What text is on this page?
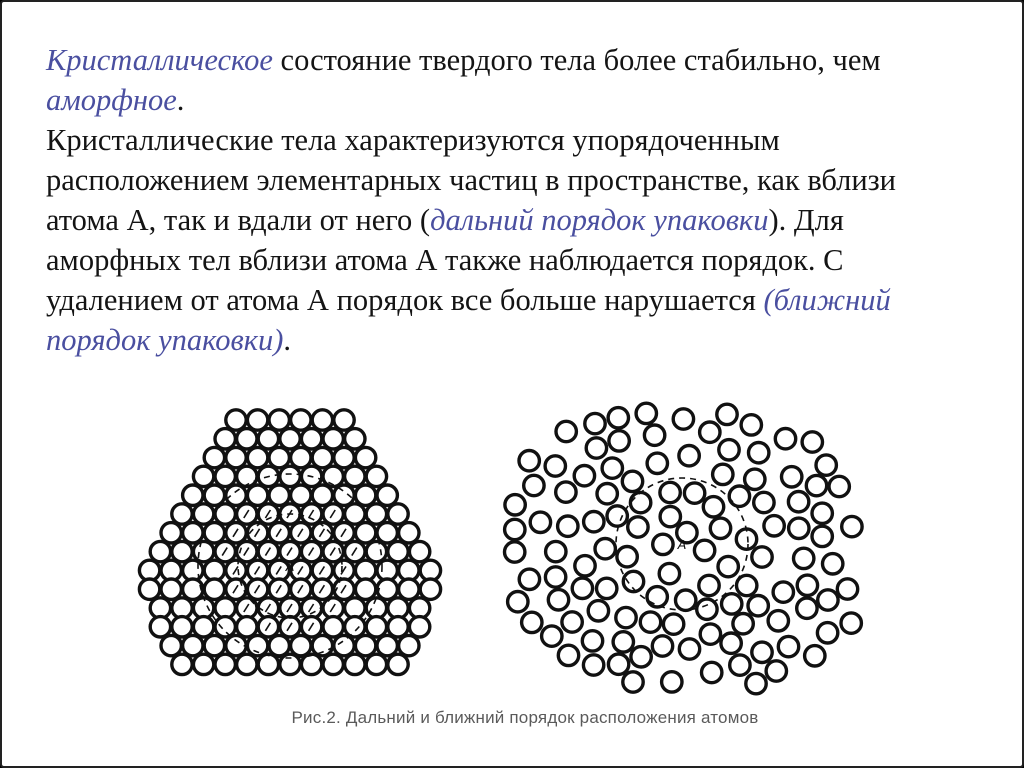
Кристаллическое состояние твердого тела более стабильно, чем аморфное.

Кристаллические тела характеризуются упорядоченным расположением элементарных частиц в пространстве, как вблизи атома А, так и вдали от него (дальний порядок упаковки). Для аморфных тел вблизи атома А также наблюдается порядок. С удалением от атома А порядок все больше нарушается (ближний порядок упаковки).

А
А
Рис.2. Дальний и ближний порядок расположения атомов
